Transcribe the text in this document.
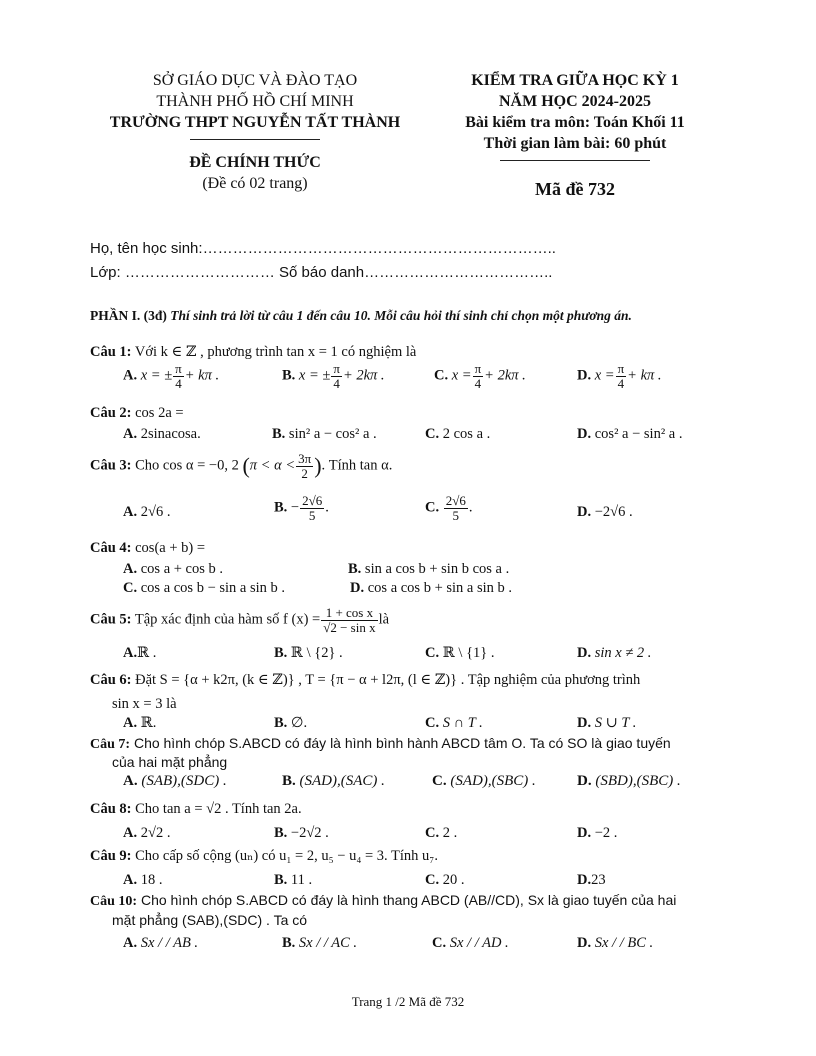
SỞ GIÁO DỤC VÀ ĐÀO TẠO
THÀNH PHỐ HỒ CHÍ MINH
TRƯỜNG THPT NGUYỄN TẤT THÀNH
ĐỀ CHÍNH THỨC
(Đề có 02 trang)
KIỂM TRA GIỮA HỌC KỲ 1
NĂM HỌC 2024-2025
Bài kiểm tra môn: Toán Khối 11
Thời gian làm bài: 60 phút
Mã đề 732
Họ, tên học sinh:……………………………………………………………..
Lớp: ………………………… Số báo danh………………………………..
PHẦN I. (3đ) Thí sinh trả lời từ câu 1 đến câu 10. Mỗi câu hỏi thí sinh chỉ chọn một phương án.
Câu 1: Với k ∈ ℤ , phương trình tan x = 1 có nghiệm là
A. x = ± $\frac{\pi}{4} + k\pi$ .	B. x = ± $\frac{\pi}{4} + 2k\pi$ .	C. $x = \frac{\pi}{4} + 2k\pi$ .	D. $x = \frac{\pi}{4} + k\pi$ .
Câu 2: cos 2a =
A. 2sinacosa.	B. sin² a − cos² a .	C. 2 cos a .	D. cos² a − sin² a .
Câu 3: Cho cos α = −0, 2 ($\pi < \alpha < \frac{3\pi}{2}$ ). Tính tan α.
A. 2√6 .	B. − $\frac{2√6}{5}$ .	C. $\frac{2√6}{5}$ .	D. −2√6 .
Câu 4: cos(a + b) =
A. cos a + cos b .	B. sin a cos b + sin b cos a .
C. cos a cos b − sin a sin b .	D. cos a cos b + sin a sin b .
Câu 5: Tập xác định của hàm số f $(x) = \frac{\text{1 + cos x}}{\text{√2 − sin x}}$ là
A.ℝ .	B. ℝ \ {2} .	C. ℝ \ {1} .	D. sin x ≠ 2 .
Câu 6: Đặt S = {α + k2π, (k ∈ ℤ)} , T = {π − α + l2π, (l ∈ ℤ)} . Tập nghiệm của phương trình
sin x = 3 là
A. ℝ.	B. ∅.	C. S ∩ T .	D. S ∪ T .
Câu 7: Cho hình chóp S.ABCD có đáy là hình bình hành ABCD tâm O. Ta có SO là giao tuyến
của hai mặt phẳng
A. (SAB),(SDC) .	B. (SAD),(SAC) .	C. (SAD),(SBC) .	D. (SBD),(SBC) .
Câu 8: Cho tan a = √2 . Tính tan 2a.
A. 2√2 .	B. −2√2 .	C. 2 .	D. −2 .
Câu 9: Cho cấp số cộng (uₙ) có u₁ = 2, u₅ − u₄ = 3. Tính u₇.
A. 18 .	B. 11 .	C. 20 .	D.23
Câu 10: Cho hình chóp S.ABCD có đáy là hình thang ABCD (AB//CD), Sx là giao tuyến của hai
mặt phẳng (SAB),(SDC) . Ta có
A. Sx / / AB .	B. Sx / / AC .	C. Sx / / AD .	D. Sx / / BC .
Trang 1 /2 Mã đề 732
